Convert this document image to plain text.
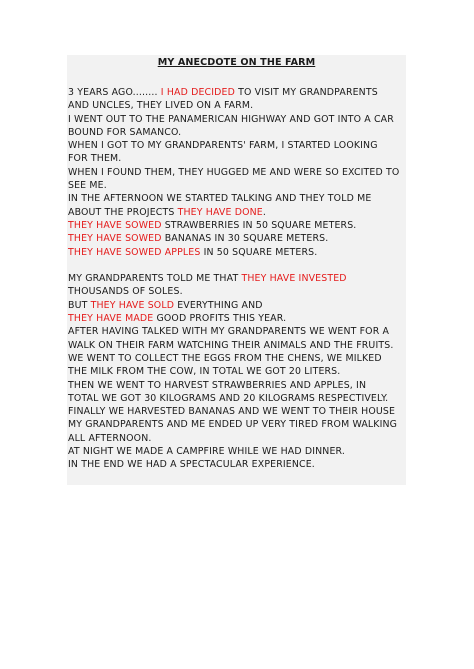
MY ANECDOTE ON THE FARM
3 YEARS AGO........ I HAD DECIDED TO VISIT MY GRANDPARENTS
AND UNCLES, THEY LIVED ON A FARM.
I WENT OUT TO THE PANAMERICAN HIGHWAY AND GOT INTO A CAR
BOUND FOR SAMANCO.
WHEN I GOT TO MY GRANDPARENTS' FARM, I STARTED LOOKING
FOR THEM.
WHEN I FOUND THEM, THEY HUGGED ME AND WERE SO EXCITED TO
SEE ME.
IN THE AFTERNOON WE STARTED TALKING AND THEY TOLD ME
ABOUT THE PROJECTS THEY HAVE DONE.
THEY HAVE SOWED STRAWBERRIES IN 50 SQUARE METERS.
THEY HAVE SOWED BANANAS IN 30 SQUARE METERS.
THEY HAVE SOWED APPLES IN 50 SQUARE METERS.
MY GRANDPARENTS TOLD ME THAT THEY HAVE INVESTED
THOUSANDS OF SOLES.
BUT THEY HAVE SOLD EVERYTHING AND
THEY HAVE MADE GOOD PROFITS THIS YEAR.
AFTER HAVING TALKED WITH MY GRANDPARENTS WE WENT FOR A
WALK ON THEIR FARM WATCHING THEIR ANIMALS AND THE FRUITS.
WE WENT TO COLLECT THE EGGS FROM THE CHENS, WE MILKED
THE MILK FROM THE COW, IN TOTAL WE GOT 20 LITERS.
THEN WE WENT TO HARVEST STRAWBERRIES AND APPLES, IN
TOTAL WE GOT 30 KILOGRAMS AND 20 KILOGRAMS RESPECTIVELY.
FINALLY WE HARVESTED BANANAS AND WE WENT TO THEIR HOUSE
MY GRANDPARENTS AND ME ENDED UP VERY TIRED FROM WALKING
ALL AFTERNOON.
AT NIGHT WE MADE A CAMPFIRE WHILE WE HAD DINNER.
IN THE END WE HAD A SPECTACULAR EXPERIENCE.
